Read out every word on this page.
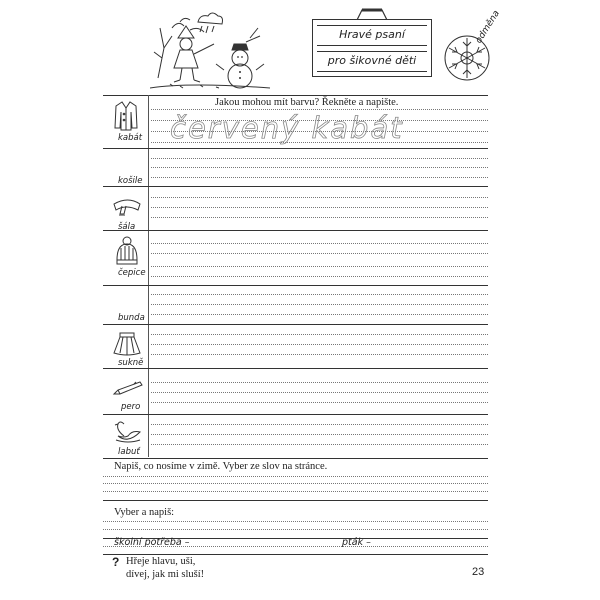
Hravé psaní
pro šikovné děti
odměna
Jakou mohou mít barvu? Řekněte a napište.
kabát červený kabát
košile
šála
čepice
bunda
sukně
pero
labuť
Napiš, co nosíme v zimě. Vyber ze slov na stránce.
Vyber a napiš:
školní potřeba –	pták –
? Hřeje hlavu, uši,
dívej, jak mi sluší!	23
